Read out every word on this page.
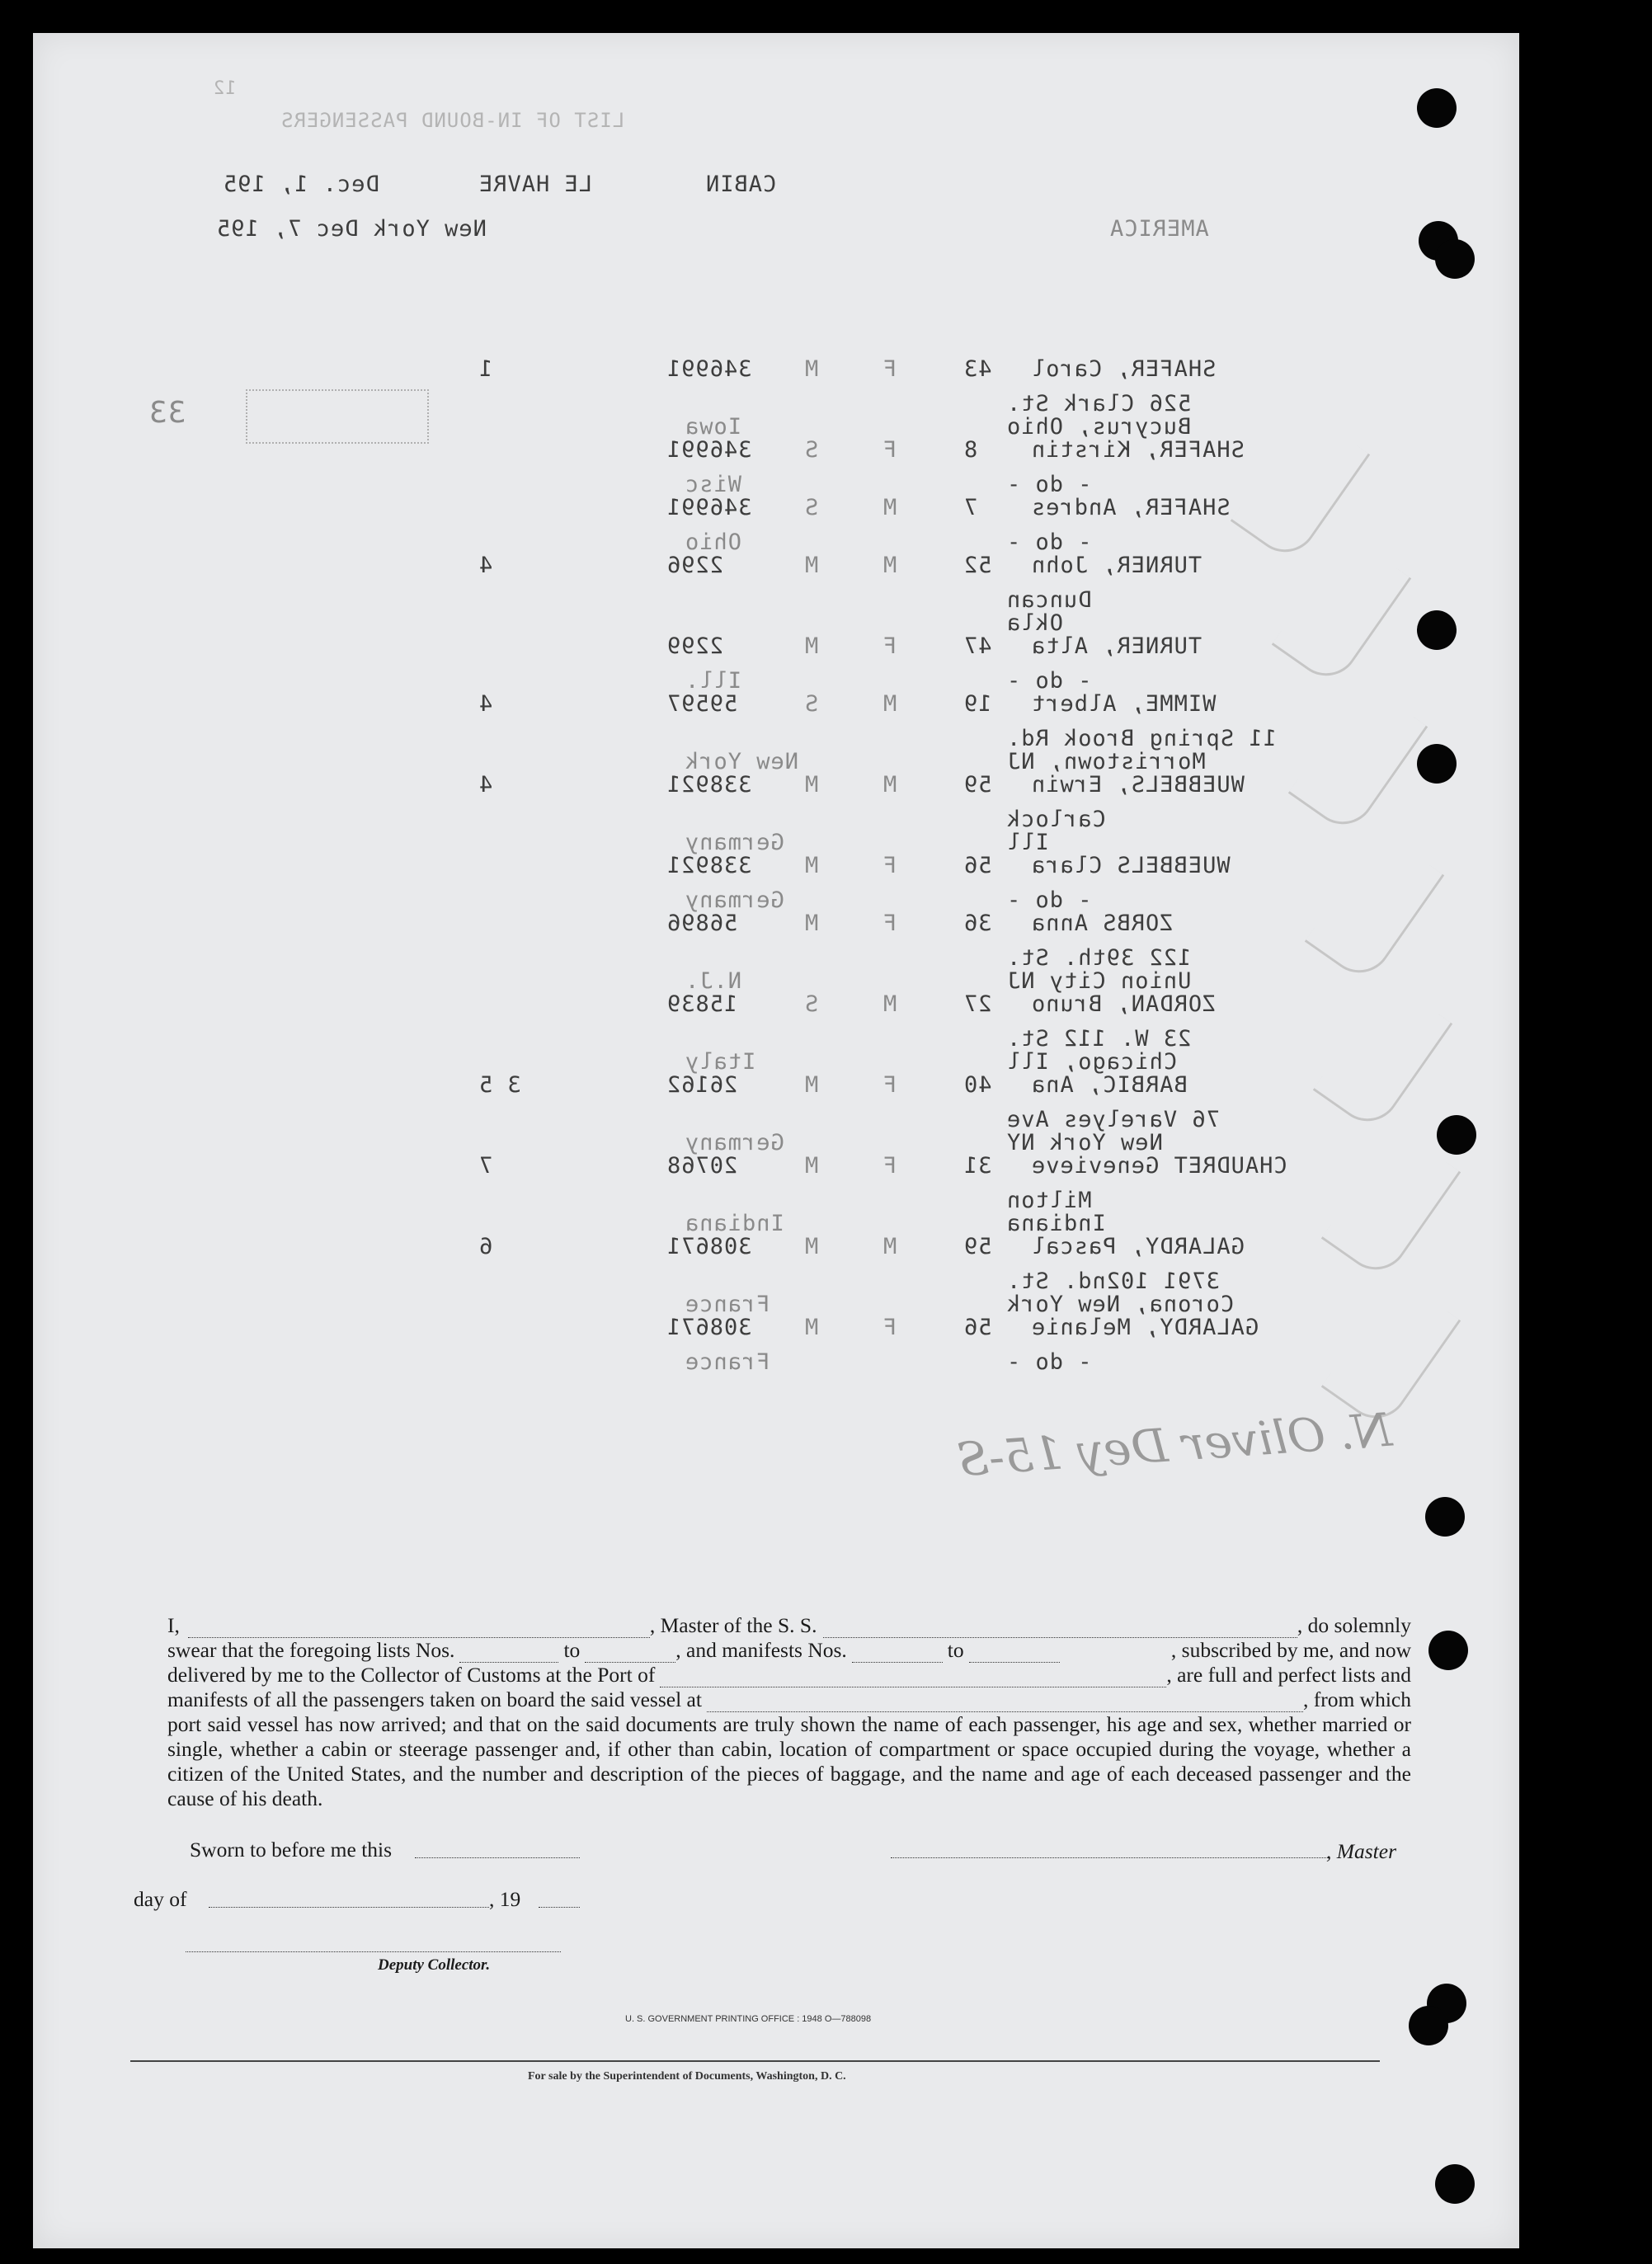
12
LIST OF IN-BOUND PASSENGERS
CABIN
LE HAVRE
Dec. 1, 195
New York Dec 7, 195	AMERICA
33
1	346991 M	F	43 SHAFER, Carol
526 Clark St.
Bucyrus, Ohio
Iowa
346991 S	F	8 SHAFER, Kirstin
- do -
Wisc
346991 S	M	7 SHAFER, Andres
- do -
Ohio
4	2296	M	M	52 TURNER, John
Duncan
Okla
2299	M	F	47 TURNER, Alta
- do -
Ill.
4	59597	S	M	19 WIMME, Albert
11 Spring Brook Rd.
Morristown, NJ
New York
4	338921 M	M	59 WUEBBELS, Erwin
Carlock
Ill
Germany
338921 M	F	56 WUEBBELS Clara
- do -
Germany
56896	M	F	36 ZORBS Anna
122 39th. St.
Union City NJ
N.J.
15839	S	M	27 ZORDAN, Bruno
23 W. 112 St.
Chicago, Ill
Italy
3 5	26162	M	F	40 BARBIC, Ana
76 Varelyes Ave
New York NY
Germany
7	20768	M	F	31 CHAUDRET Genevieve
Milton
Indiana
Indiana
6	308671 M	M	59 GALARDY, Pascal
3791 102nd. St.
Corona, New York
France
308671 M	F	56 GALARDY, Melanie
- do -
France
N. Oliver Dey 15-S
I,	, Master of the S. S.	, do solemnly
swear that the foregoing lists Nos.	to	, and manifests Nos.	to	, subscribed by me, and now
delivered by me to the Collector of Customs at the Port of	, are full and perfect lists and
manifests of all the passengers taken on board the said vessel at	, from which
port said vessel has now arrived; and that on the said documents are truly shown the name of each passenger, his age and sex, whether married or single, whether a cabin or steerage passenger and, if other than cabin, location of compartment or space occupied during the voyage, whether a citizen of the United States, and the number and description of the pieces of baggage, and the name and age of each deceased passenger and the cause of his death.
Sworn to before me this	, Master
day of	, 19
Deputy Collector.
U. S. GOVERNMENT PRINTING OFFICE : 1948 O—788098
For sale by the Superintendent of Documents, Washington, D. C.
